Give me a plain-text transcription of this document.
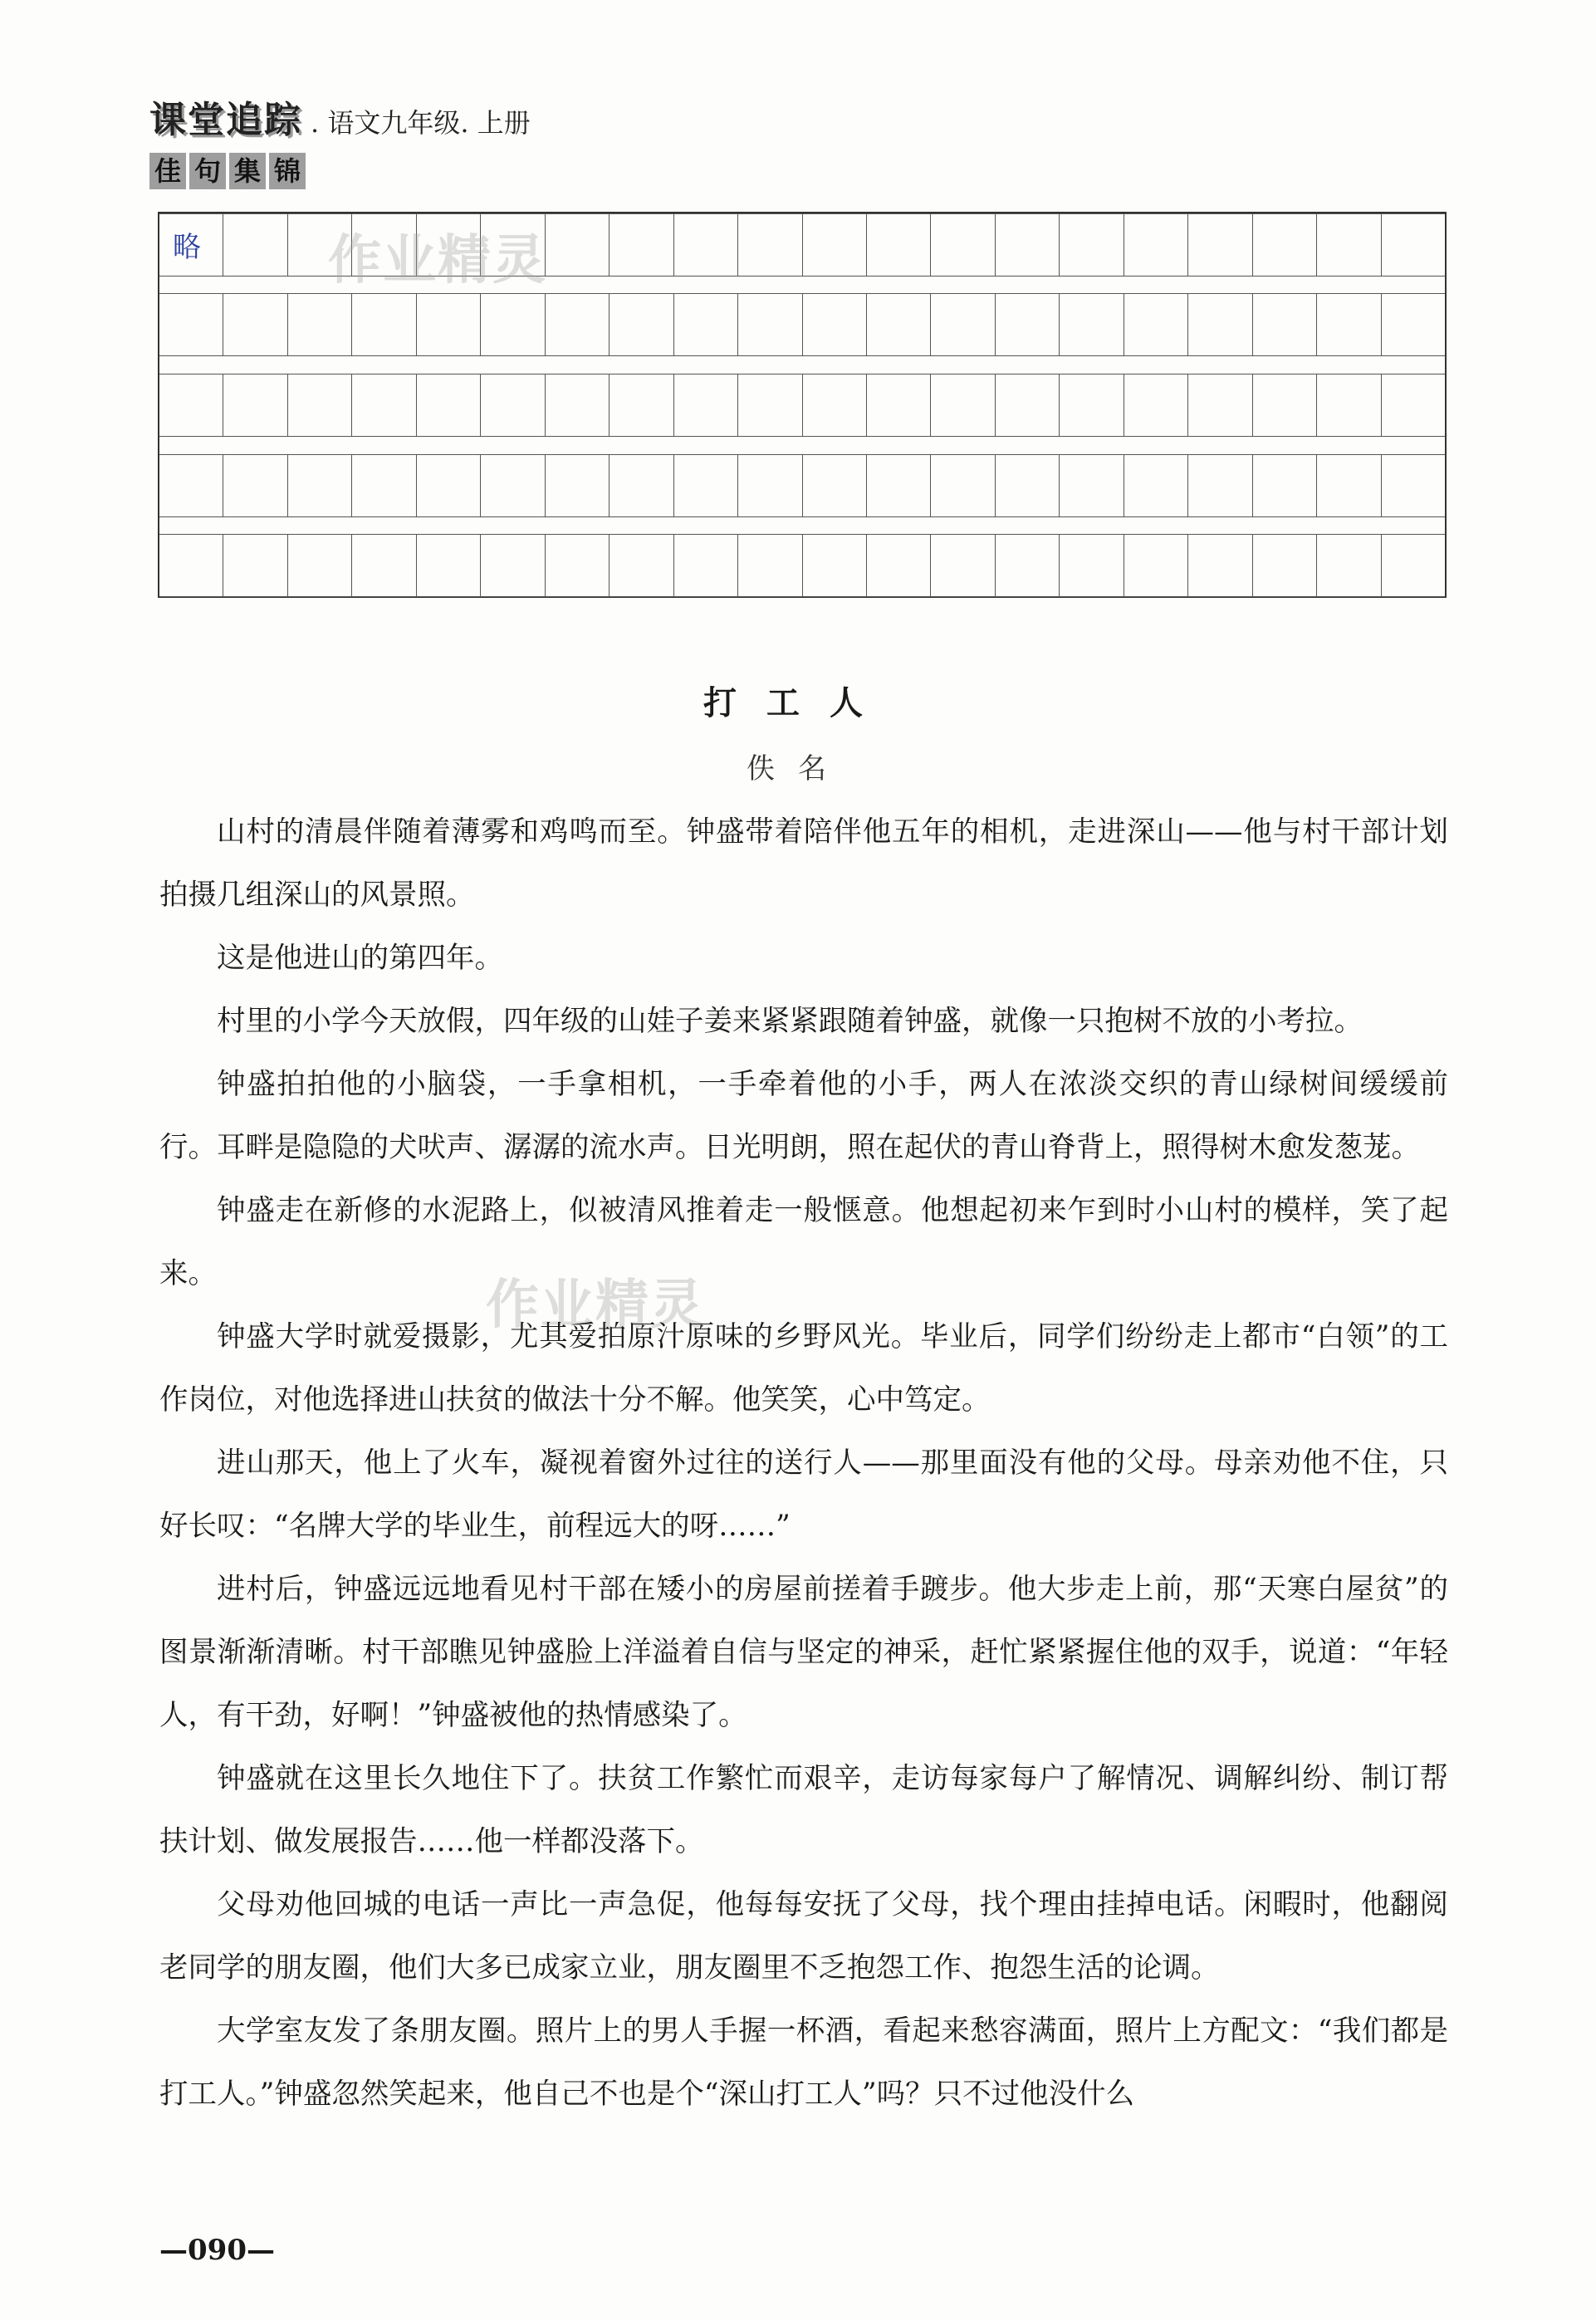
课堂追踪 . 语文九年级. 上册
佳 句 集 锦
略 作业精灵
作业精灵
打工人
佚名

山村的清晨伴随着薄雾和鸡鸣而至。钟盛带着陪伴他五年的相机，走进深山——他与村干部计划拍摄几组深山的风景照。

这是他进山的第四年。

村里的小学今天放假，四年级的山娃子姜来紧紧跟随着钟盛，就像一只抱树不放的小考拉。

钟盛拍拍他的小脑袋，一手拿相机，一手牵着他的小手，两人在浓淡交织的青山绿树间缓缓前行。耳畔是隐隐的犬吠声、潺潺的流水声。日光明朗，照在起伏的青山脊背上，照得树木愈发葱茏。

钟盛走在新修的水泥路上，似被清风推着走一般惬意。他想起初来乍到时小山村的模样，笑了起来。

钟盛大学时就爱摄影，尤其爱拍原汁原味的乡野风光。毕业后，同学们纷纷走上都市“白领”的工作岗位，对他选择进山扶贫的做法十分不解。他笑笑，心中笃定。

进山那天，他上了火车，凝视着窗外过往的送行人——那里面没有他的父母。母亲劝他不住，只好长叹：“名牌大学的毕业生，前程远大的呀……”

进村后，钟盛远远地看见村干部在矮小的房屋前搓着手踱步。他大步走上前，那“天寒白屋贫”的图景渐渐清晰。村干部瞧见钟盛脸上洋溢着自信与坚定的神采，赶忙紧紧握住他的双手，说道：“年轻人，有干劲，好啊！”钟盛被他的热情感染了。

钟盛就在这里长久地住下了。扶贫工作繁忙而艰辛，走访每家每户了解情况、调解纠纷、制订帮扶计划、做发展报告……他一样都没落下。

父母劝他回城的电话一声比一声急促，他每每安抚了父母，找个理由挂掉电话。闲暇时，他翻阅老同学的朋友圈，他们大多已成家立业，朋友圈里不乏抱怨工作、抱怨生活的论调。

大学室友发了条朋友圈。照片上的男人手握一杯酒，看起来愁容满面，照片上方配文：“我们都是打工人。”钟盛忽然笑起来，他自己不也是个“深山打工人”吗？只不过他没什么

—090—
